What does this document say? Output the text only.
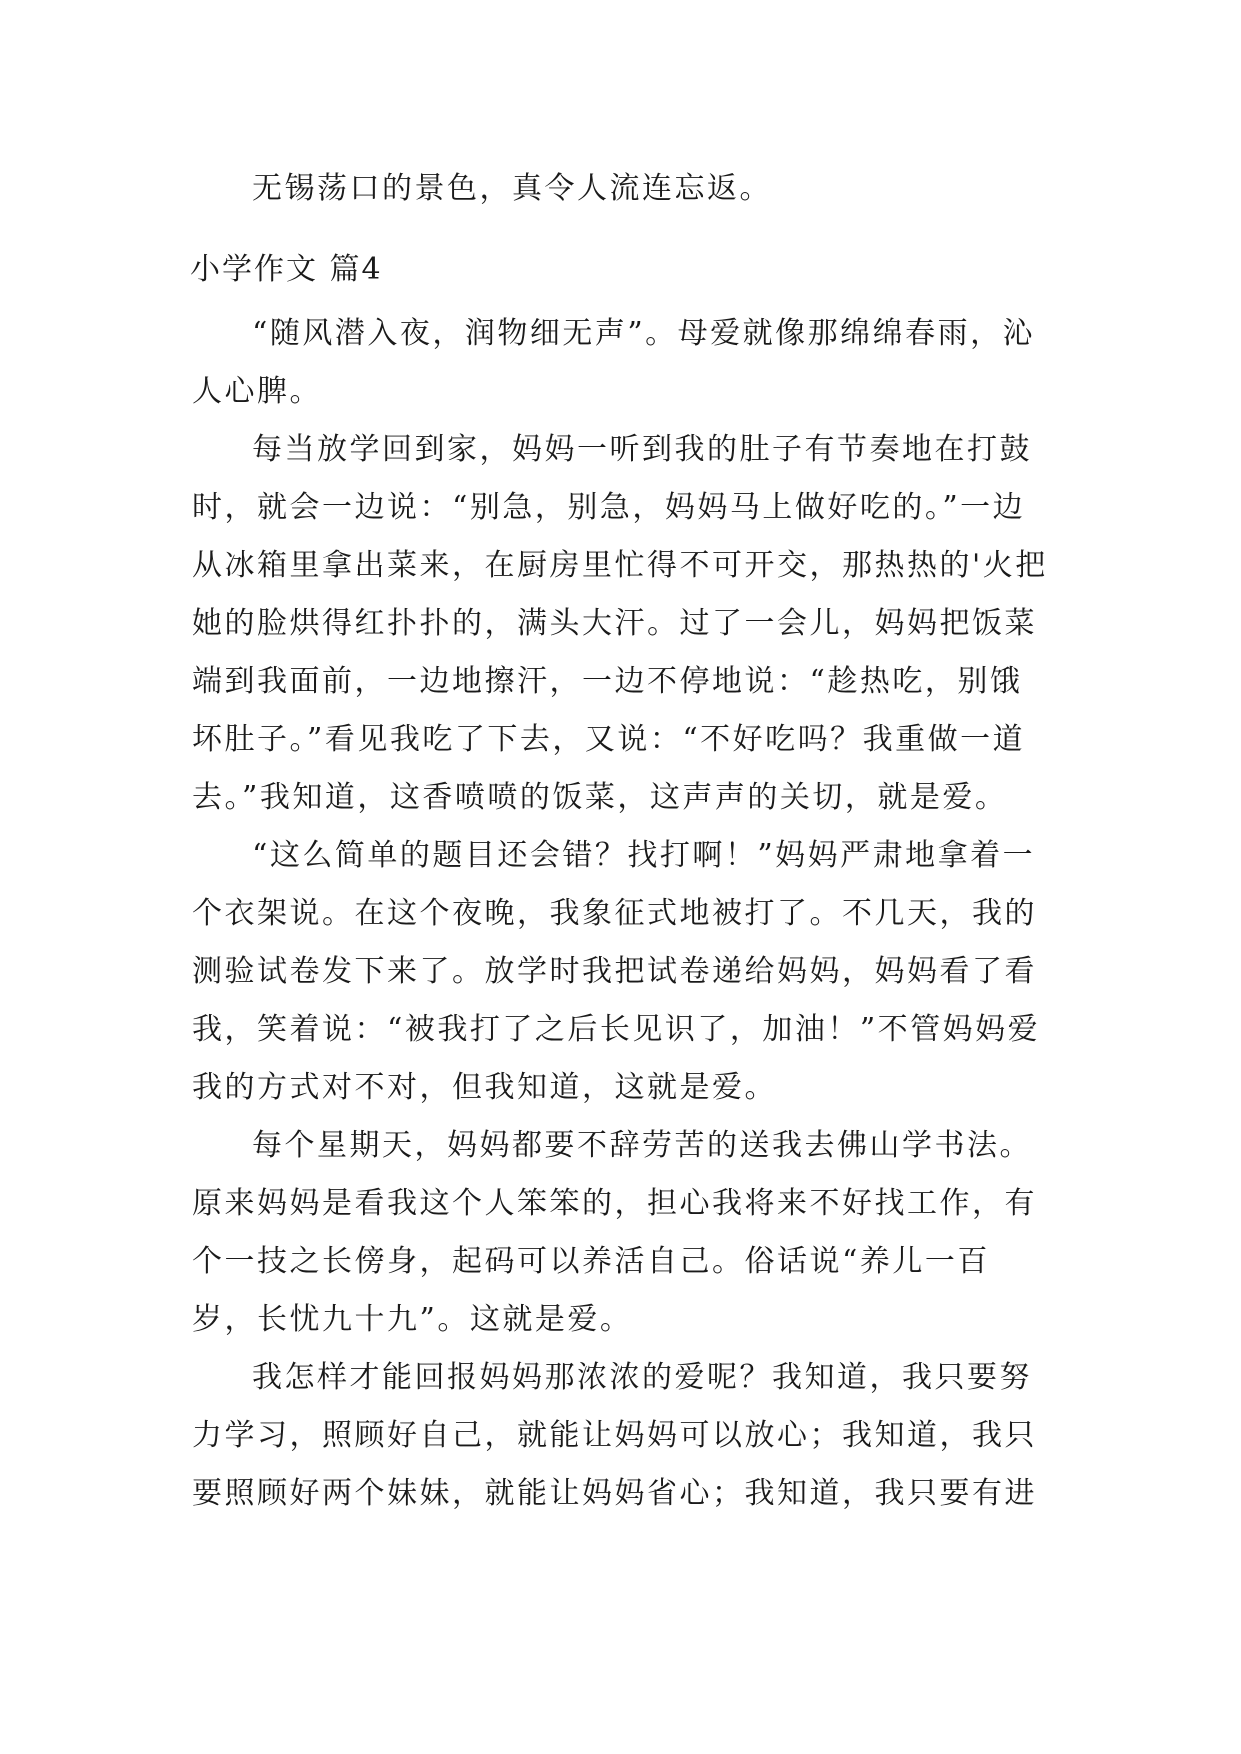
无锡荡口的景色，真令人流连忘返。

小学作文 篇4

“随风潜入夜，润物细无声”。母爱就像那绵绵春雨，沁人心脾。

每当放学回到家，妈妈一听到我的肚子有节奏地在打鼓时，就会一边说：“别急，别急，妈妈马上做好吃的。”一边从冰箱里拿出菜来，在厨房里忙得不可开交，那热热的'火把她的脸烘得红扑扑的，满头大汗。过了一会儿，妈妈把饭菜端到我面前，一边地擦汗，一边不停地说：“趁热吃，别饿坏肚子。”看见我吃了下去，又说：“不好吃吗？我重做一道去。”我知道，这香喷喷的饭菜，这声声的关切，就是爱。

“这么简单的题目还会错？找打啊！”妈妈严肃地拿着一个衣架说。在这个夜晚，我象征式地被打了。不几天，我的测验试卷发下来了。放学时我把试卷递给妈妈，妈妈看了看我，笑着说：“被我打了之后长见识了，加油！”不管妈妈爱我的方式对不对，但我知道，这就是爱。

每个星期天，妈妈都要不辞劳苦的送我去佛山学书法。原来妈妈是看我这个人笨笨的，担心我将来不好找工作，有个一技之长傍身，起码可以养活自己。俗话说“养儿一百岁，长忧九十九”。这就是爱。

我怎样才能回报妈妈那浓浓的爱呢？我知道，我只要努力学习，照顾好自己，就能让妈妈可以放心；我知道，我只要照顾好两个妹妹，就能让妈妈省心；我知道，我只要有进
